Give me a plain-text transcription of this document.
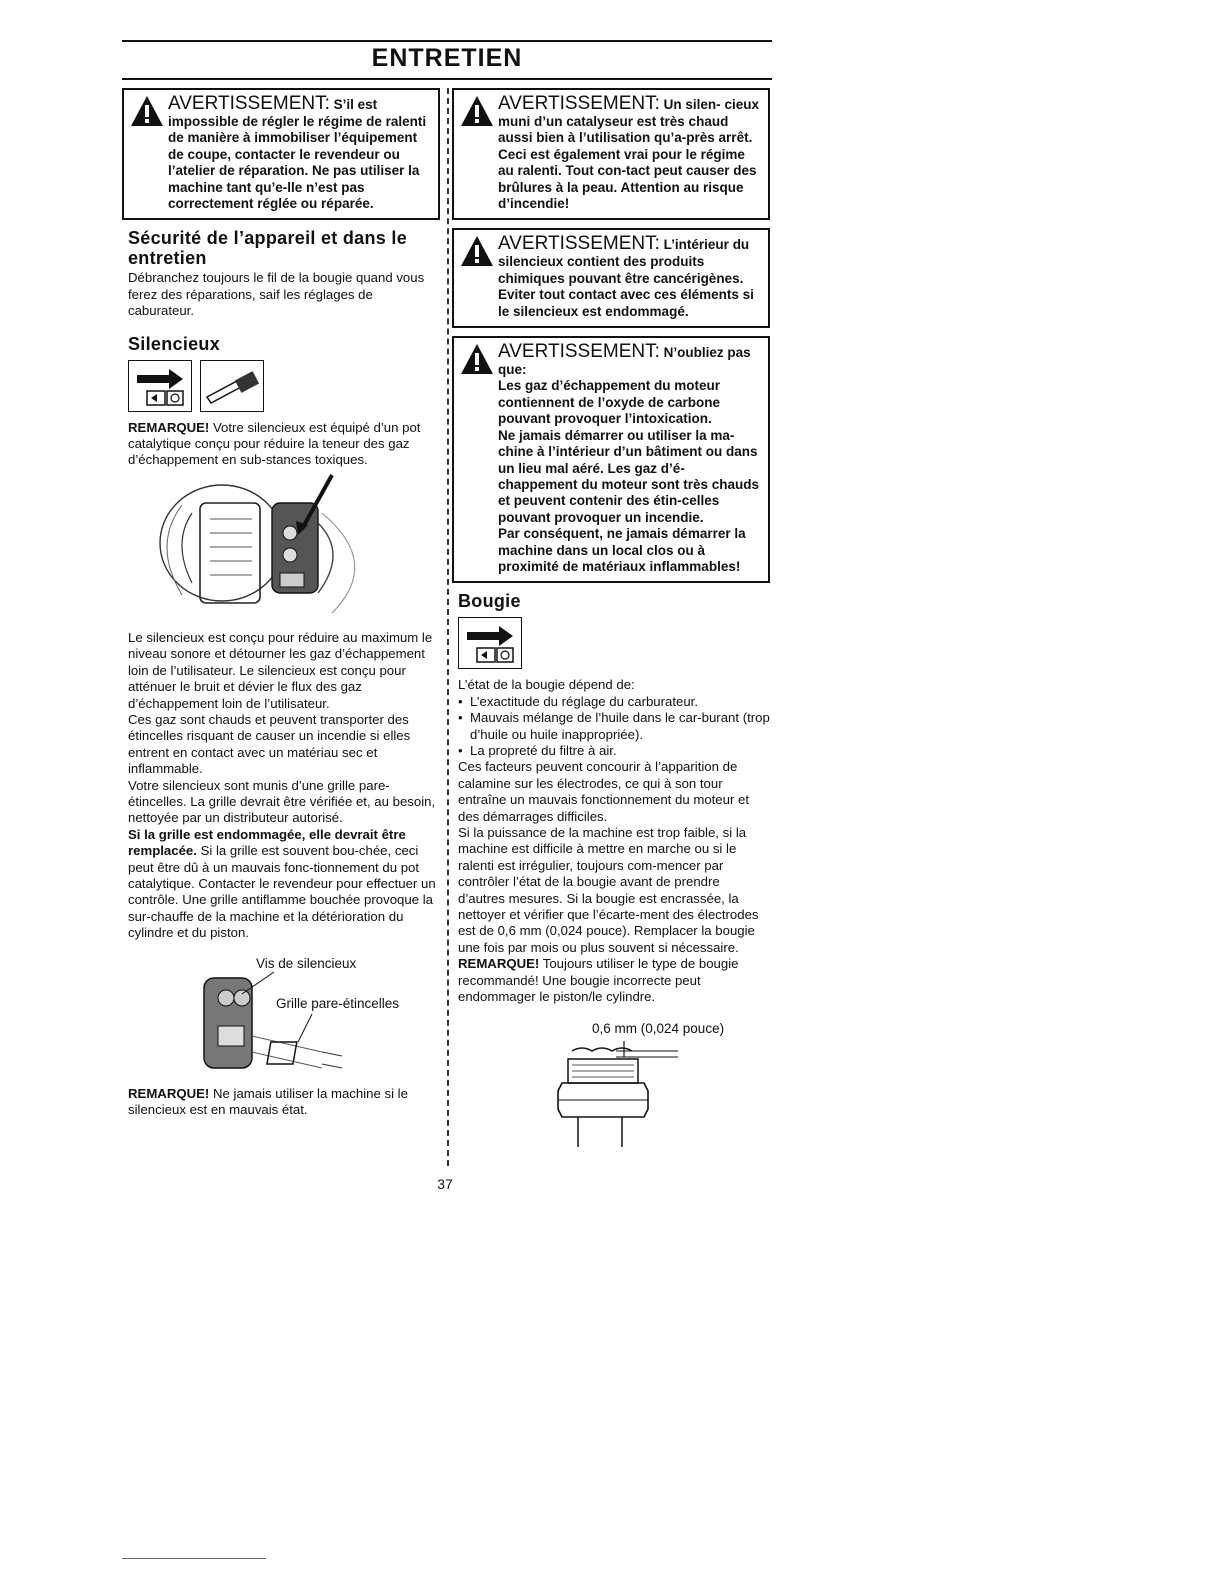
ENTRETIEN
AVERTISSEMENT: S’il est impossible de régler le régime de ralenti de manière à immobiliser l’équipement de coupe, contacter le revendeur ou l’atelier de réparation. Ne pas utiliser la machine tant qu’e-lle n’est pas correctement réglée ou réparée.
Sécurité de l’appareil et dans le entretien

Débranchez toujours le fil de la bougie quand vous ferez des réparations, saif les réglages de caburateur.

Silencieux

REMARQUE! Votre silencieux est équipé d’un pot catalytique conçu pour réduire la teneur des gaz d’échappement en sub-stances toxiques.

Le silencieux est conçu pour réduire au maximum le niveau sonore et détourner les gaz d’échappement loin de l’utilisateur. Le silencieux est conçu pour atténuer le bruit et dévier le flux des gaz d’échappement loin de l’utilisateur.

Ces gaz sont chauds et peuvent transporter des étincelles risquant de causer un incendie si elles entrent en contact avec un matériau sec et inflammable.

Votre silencieux sont munis d’une grille pare-étincelles. La grille devrait être vérifiée et, au besoin, nettoyée par un distributeur autorisé.

Si la grille est endommagée, elle devrait être remplacée. Si la grille est souvent bou-chée, ceci peut être dû à un mauvais fonc-tionnement du pot catalytique. Contacter le revendeur pour effectuer un contrôle. Une grille antiflamme bouchée provoque la sur-chauffe de la machine et la détérioration du cylindre et du piston.

Vis de silencieux
Grille pare-étincelles

REMARQUE! Ne jamais utiliser la machine si le silencieux est en mauvais état.

AVERTISSEMENT: Un silen- cieux muni d’un catalyseur est très chaud aussi bien à l’utilisation qu’a-près arrêt. Ceci est également vrai pour le régime au ralenti. Tout con-tact peut causer des brûlures à la peau. Attention au risque d’incendie!
AVERTISSEMENT: L’intérieur du silencieux contient des produits chimiques pouvant être cancérigènes. Eviter tout contact avec ces éléments si le silencieux est endommagé.
AVERTISSEMENT: N’oubliez pas que:
Les gaz d’échappement du moteur contiennent de l’oxyde de carbone pouvant provoquer l’intoxication.
Ne jamais démarrer ou utiliser la ma-chine à l’intérieur d’un bâtiment ou dans un lieu mal aéré. Les gaz d’é-chappement du moteur sont très chauds et peuvent contenir des étin-celles pouvant provoquer un incendie.
Par conséquent, ne jamais démarrer la machine dans un local clos ou à proximité de matériaux inflammables!
Bougie

L’état de la bougie dépend de:

• L’exactitude du réglage du carburateur.
• Mauvais mélange de l’huile dans le car-burant (trop d’huile ou huile inappropriée).
• La propreté du filtre à air.

Ces facteurs peuvent concourir à l’apparition de calamine sur les électrodes, ce qui à son tour entraîne un mauvais fonctionnement du moteur et des démarrages difficiles.

Si la puissance de la machine est trop faible, si la machine est difficile à mettre en marche ou si le ralenti est irrégulier, toujours com-mencer par contrôler l’état de la bougie avant de prendre d’autres mesures. Si la bougie est encrassée, la nettoyer et vérifier que l’écarte-ment des électrodes est de 0,6 mm (0,024 pouce). Remplacer la bougie une fois par mois ou plus souvent si nécessaire.

REMARQUE! Toujours utiliser le type de bougie recommandé! Une bougie incorrecte peut endommager le piston/le cylindre.

0,6 mm (0,024 pouce)
37
